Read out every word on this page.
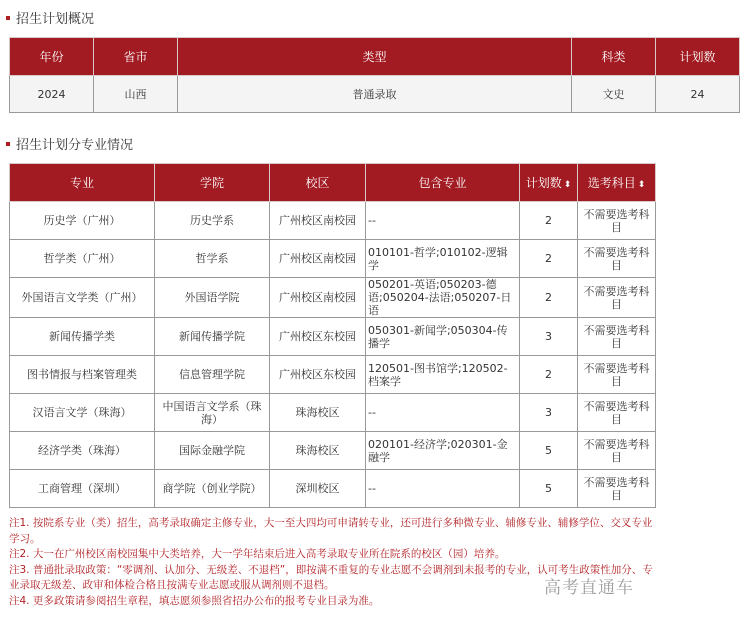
招生计划概况
年份	省市	类型	科类	计划数
2024	山西	普通录取	文史	24
招生计划分专业情况
专业	学院	校区	包含专业	计划数 ⬍	选考科目 ⬍
历史学（广州）	历史学系	广州校区南校园	--	2	不需要选考科目
哲学类（广州）	哲学系	广州校区南校园	010101-哲学;010102-逻辑学	2	不需要选考科目
外国语言文学类（广州）	外国语学院	广州校区南校园	050201-英语;050203-德语;050204-法语;050207-日语	2	不需要选考科目
新闻传播学类	新闻传播学院	广州校区东校园	050301-新闻学;050304-传播学	3	不需要选考科目
图书情报与档案管理类	信息管理学院	广州校区东校园	120501-图书馆学;120502-档案学	2	不需要选考科目
汉语言文学（珠海）	中国语言文学系（珠海）	珠海校区	--	3	不需要选考科目
经济学类（珠海）	国际金融学院	珠海校区	020101-经济学;020301-金融学	5	不需要选考科目
工商管理（深圳）	商学院（创业学院）	深圳校区	--	5	不需要选考科目
注1. 按院系专业（类）招生，高考录取确定主修专业，大一至大四均可申请转专业，还可进行多种微专业、辅修专业、辅修学位、交叉专业学习。
注2. 大一在广州校区南校园集中大类培养，大一学年结束后进入高考录取专业所在院系的校区（园）培养。
注3. 普通批录取政策：“零调剂、认加分、无级差、不退档”，即按满不重复的专业志愿不会调剂到未报考的专业，认可考生政策性加分、专业录取无级差、政审和体检合格且按满专业志愿或服从调剂则不退档。
注4. 更多政策请参阅招生章程，填志愿须参照省招办公布的报考专业目录为准。
高考直通车
